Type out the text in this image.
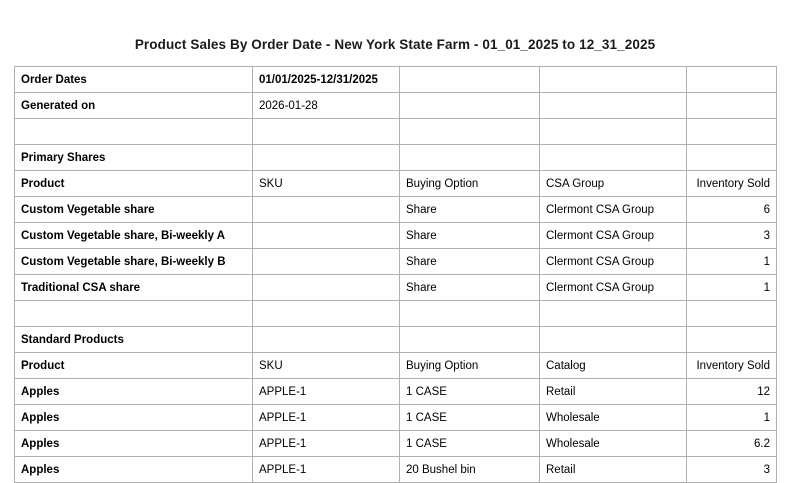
Product Sales By Order Date - New York State Farm - 01_01_2025 to 12_31_2025
Order Dates	01/01/2025-12/31/2025			
Generated on	2026-01-28			

Primary Shares				
Product	SKU	Buying Option	CSA Group	Inventory Sold
Custom Vegetable share		Share	Clermont CSA Group	6
Custom Vegetable share, Bi-weekly A		Share	Clermont CSA Group	3
Custom Vegetable share, Bi-weekly B		Share	Clermont CSA Group	1
Traditional CSA share		Share	Clermont CSA Group	1

Standard Products				
Product	SKU	Buying Option	Catalog	Inventory Sold
Apples	APPLE-1	1 CASE	Retail	12
Apples	APPLE-1	1 CASE	Wholesale	1
Apples	APPLE-1	1 CASE	Wholesale	6.2
Apples	APPLE-1	20 Bushel bin	Retail	3
